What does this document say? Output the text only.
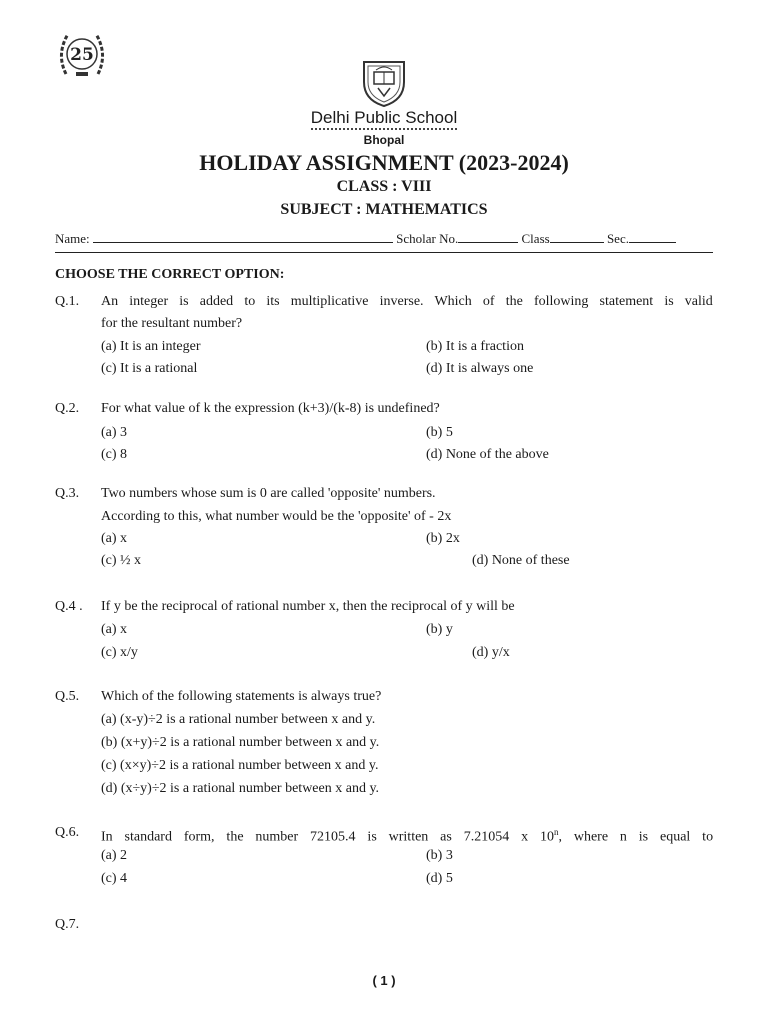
25
Delhi Public School
Bhopal
HOLIDAY ASSIGNMENT (2023-2024)
CLASS : VIII
SUBJECT : MATHEMATICS
Name:	Scholar No.	Class	Sec.
CHOOSE THE CORRECT OPTION:
Q.1. An integer is added to its multiplicative inverse. Which of the following statement is valid
for the resultant number?
(a) It is an integer	(b) It is a fraction
(c) It is a rational	(d) It is always one
Q.2. For what value of k the expression (k+3)/(k-8) is undefined?
(a) 3	(b) 5
(c) 8	(d) None of the above
Q.3. Two numbers whose sum is 0 are called 'opposite' numbers.
According to this, what number would be the 'opposite' of - 2x
(a) x	(b) 2x
(c) ½ x	(d) None of these
Q.4 . If y be the reciprocal of rational number x, then the reciprocal of y will be
(a) x	(b) y
(c) x/y	(d) y/x
Q.5. Which of the following statements is always true?
(a) (x-y)÷2 is a rational number between x and y.
(b) (x+y)÷2 is a rational number between x and y.
(c) (x×y)÷2 is a rational number between x and y.
(d) (x÷y)÷2 is a rational number between x and y.
Q.6. In standard form, the number 72105.4 is written as 7.21054 x 10$^n$, where n is equal to
(a) 2	(b) 3
(c) 4	(d) 5
Q.7.
( 1 )
